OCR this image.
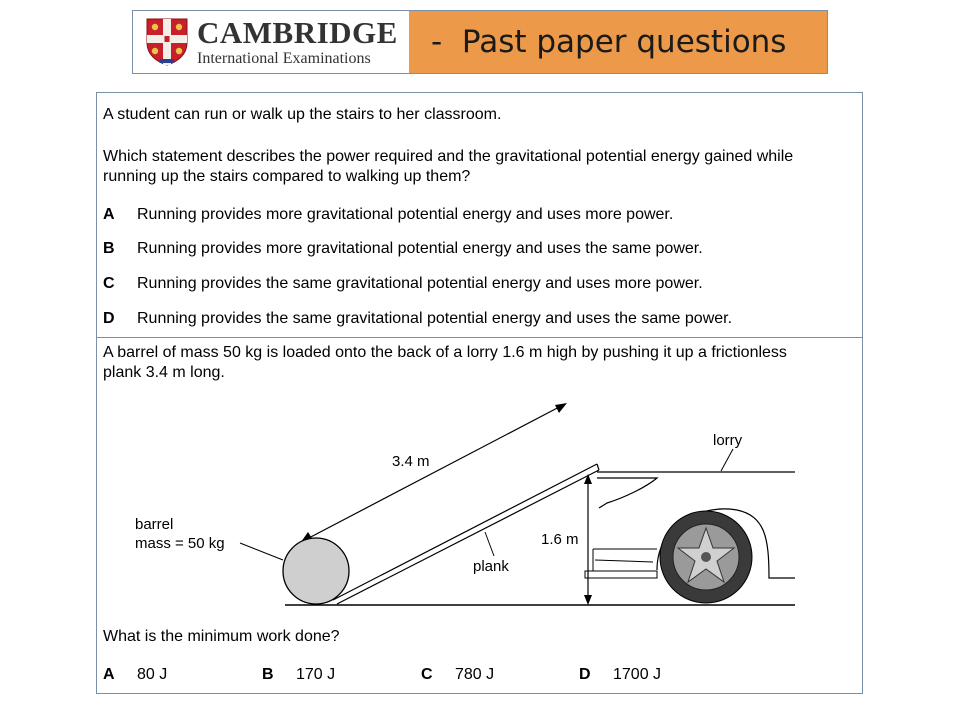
CAMBRIDGE
International Examinations	-  Past paper questions
A student can run or walk up the stairs to her classroom.
Which statement describes the power required and the gravitational potential energy gained while
running up the stairs compared to walking up them?
A Running provides more gravitational potential energy and uses more power.
B Running provides more gravitational potential energy and uses the same power.
C Running provides the same gravitational potential energy and uses more power.
D Running provides the same gravitational potential energy and uses the same power.
A barrel of mass 50 kg is loaded onto the back of a lorry 1.6 m high by pushing it up a frictionless
plank 3.4 m long.
3.4 m
barrel
mass = 50 kg
plank
1.6 m
lorry
What is the minimum work done?
A 80 J	B 170 J	C 780 J	D 1700 J
